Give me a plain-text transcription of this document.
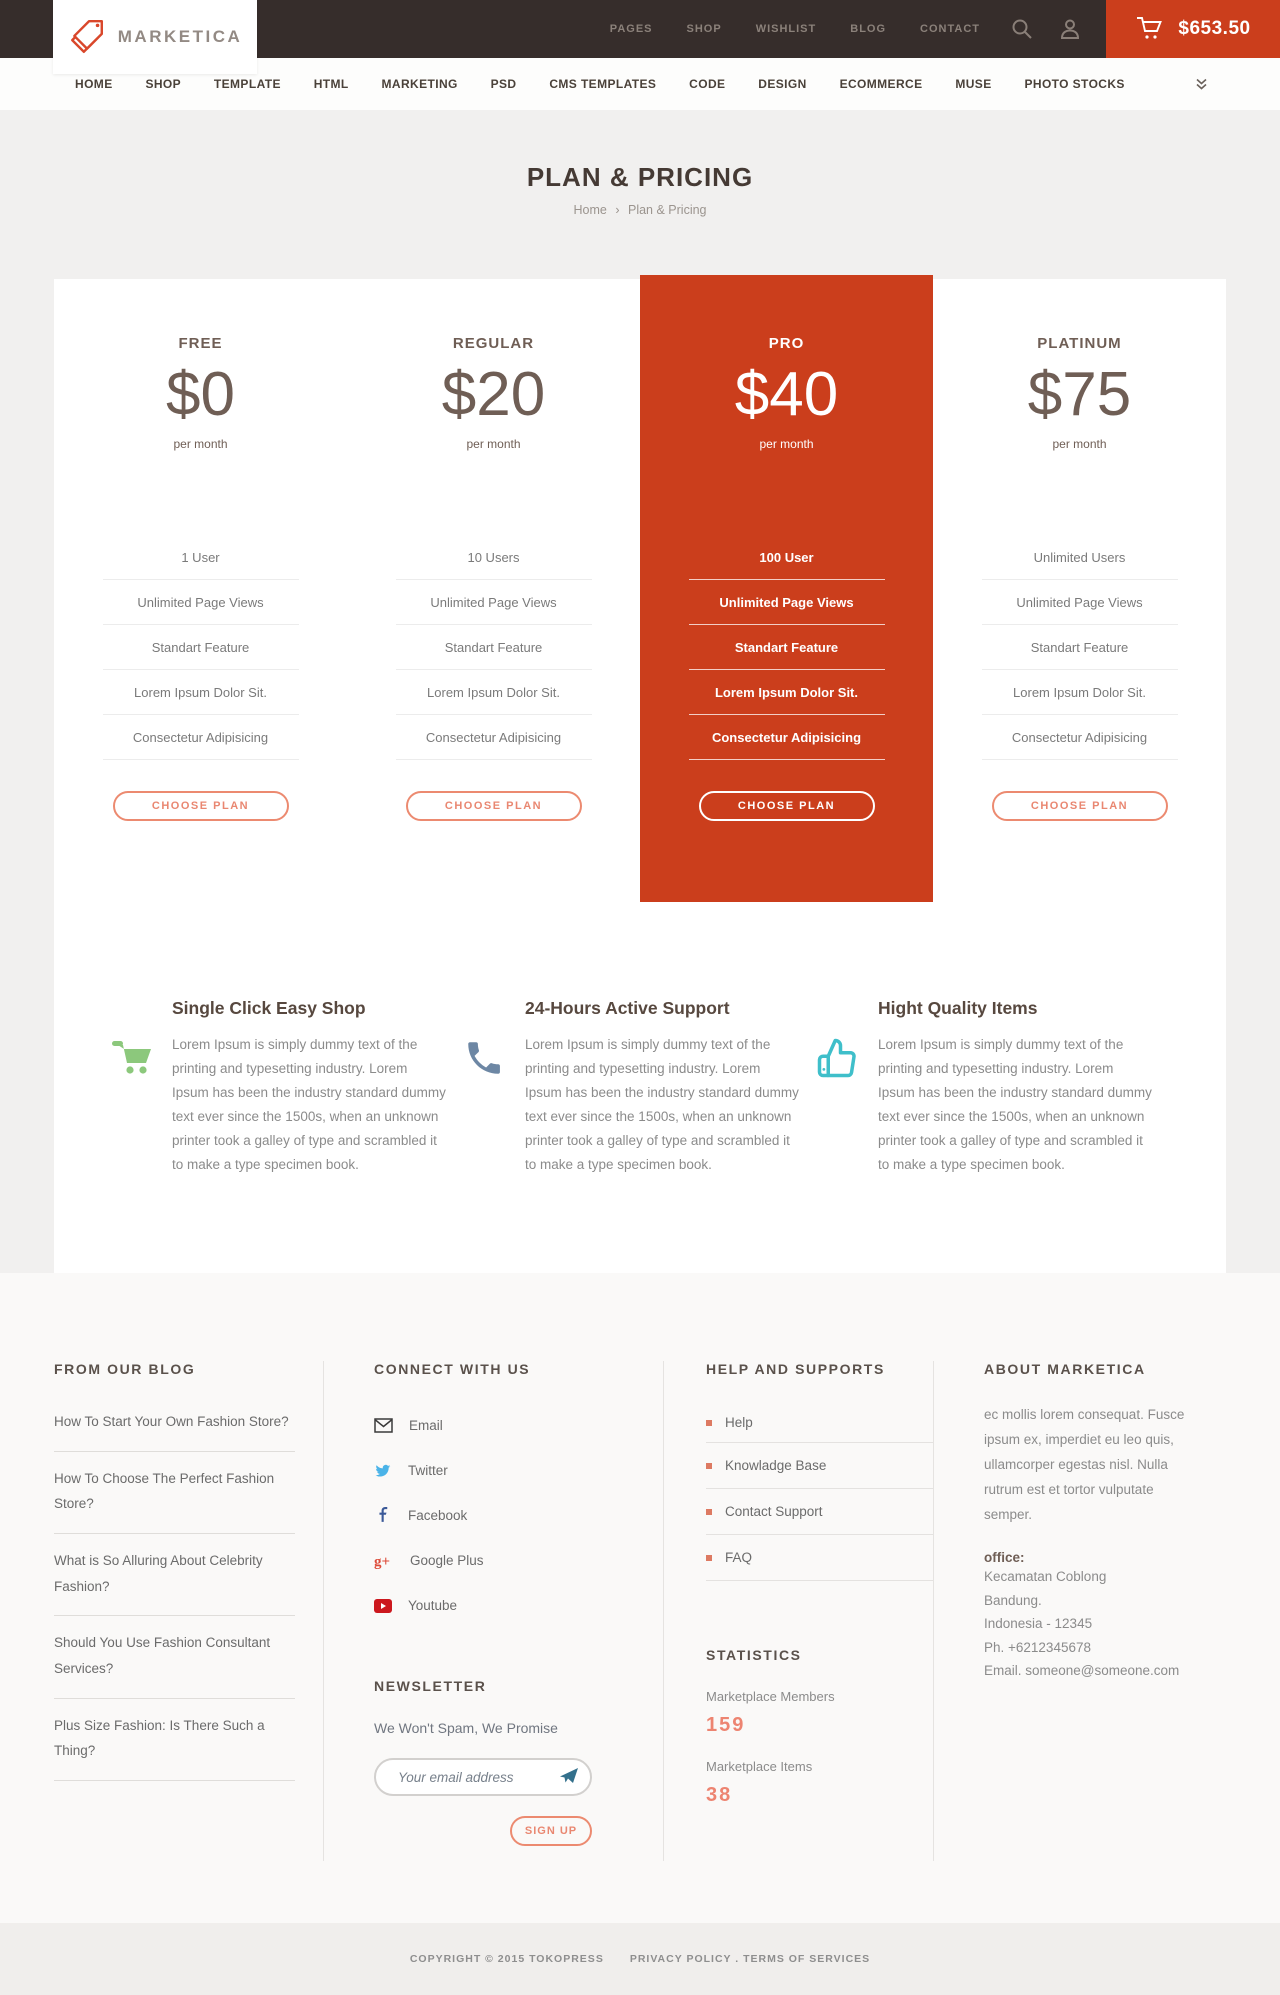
MARKETICA	PAGES	SHOP	WISHLIST	BLOG	CONTACT	$653.50
HOME	SHOP	TEMPLATE	HTML	MARKETING	PSD	CMS TEMPLATES	CODE	DESIGN	ECOMMERCE	MUSE	PHOTO STOCKS
PLAN & PRICING
Home › Plan & Pricing
FREE
$0
per month
1 User
Unlimited Page Views
Standart Feature
Lorem Ipsum Dolor Sit.
Consectetur Adipisicing
CHOOSE PLAN
REGULAR
$20
per month
10 Users
Unlimited Page Views
Standart Feature
Lorem Ipsum Dolor Sit.
Consectetur Adipisicing
CHOOSE PLAN
PRO
$40
per month
100 User
Unlimited Page Views
Standart Feature
Lorem Ipsum Dolor Sit.
Consectetur Adipisicing
CHOOSE PLAN
PLATINUM
$75
per month
Unlimited Users
Unlimited Page Views
Standart Feature
Lorem Ipsum Dolor Sit.
Consectetur Adipisicing
CHOOSE PLAN
Single Click Easy Shop

Lorem Ipsum is simply dummy text of the printing and typesetting industry. Lorem Ipsum has been the industry standard dummy text ever since the 1500s, when an unknown printer took a galley of type and scrambled it to make a type specimen book.

24-Hours Active Support

Lorem Ipsum is simply dummy text of the printing and typesetting industry. Lorem Ipsum has been the industry standard dummy text ever since the 1500s, when an unknown printer took a galley of type and scrambled it to make a type specimen book.

Hight Quality Items

Lorem Ipsum is simply dummy text of the printing and typesetting industry. Lorem Ipsum has been the industry standard dummy text ever since the 1500s, when an unknown printer took a galley of type and scrambled it to make a type specimen book.

FROM OUR BLOG
How To Start Your Own Fashion Store?
How To Choose The Perfect Fashion Store?
What is So Alluring About Celebrity Fashion?
Should You Use Fashion Consultant Services?
Plus Size Fashion: Is There Such a Thing?
CONNECT WITH US
Email
Twitter
Facebook
g+ Google Plus
Youtube
NEWSLETTER
We Won't Spam, We Promise
Your email address
SIGN UP
HELP AND SUPPORTS
Help
Knowladge Base
Contact Support
FAQ
STATISTICS
Marketplace Members
159
Marketplace Items
38
ABOUT MARKETICA

ec mollis lorem consequat. Fusce ipsum ex, imperdiet eu leo quis, ullamcorper egestas nisl. Nulla rutrum est et tortor vulputate semper.

office:
Kecamatan Coblong
Bandung.
Indonesia - 12345
Ph. +6212345678
Email. someone@someone.com
COPYRIGHT © 2015 TOKOPRESS PRIVACY POLICY . TERMS OF SERVICES
